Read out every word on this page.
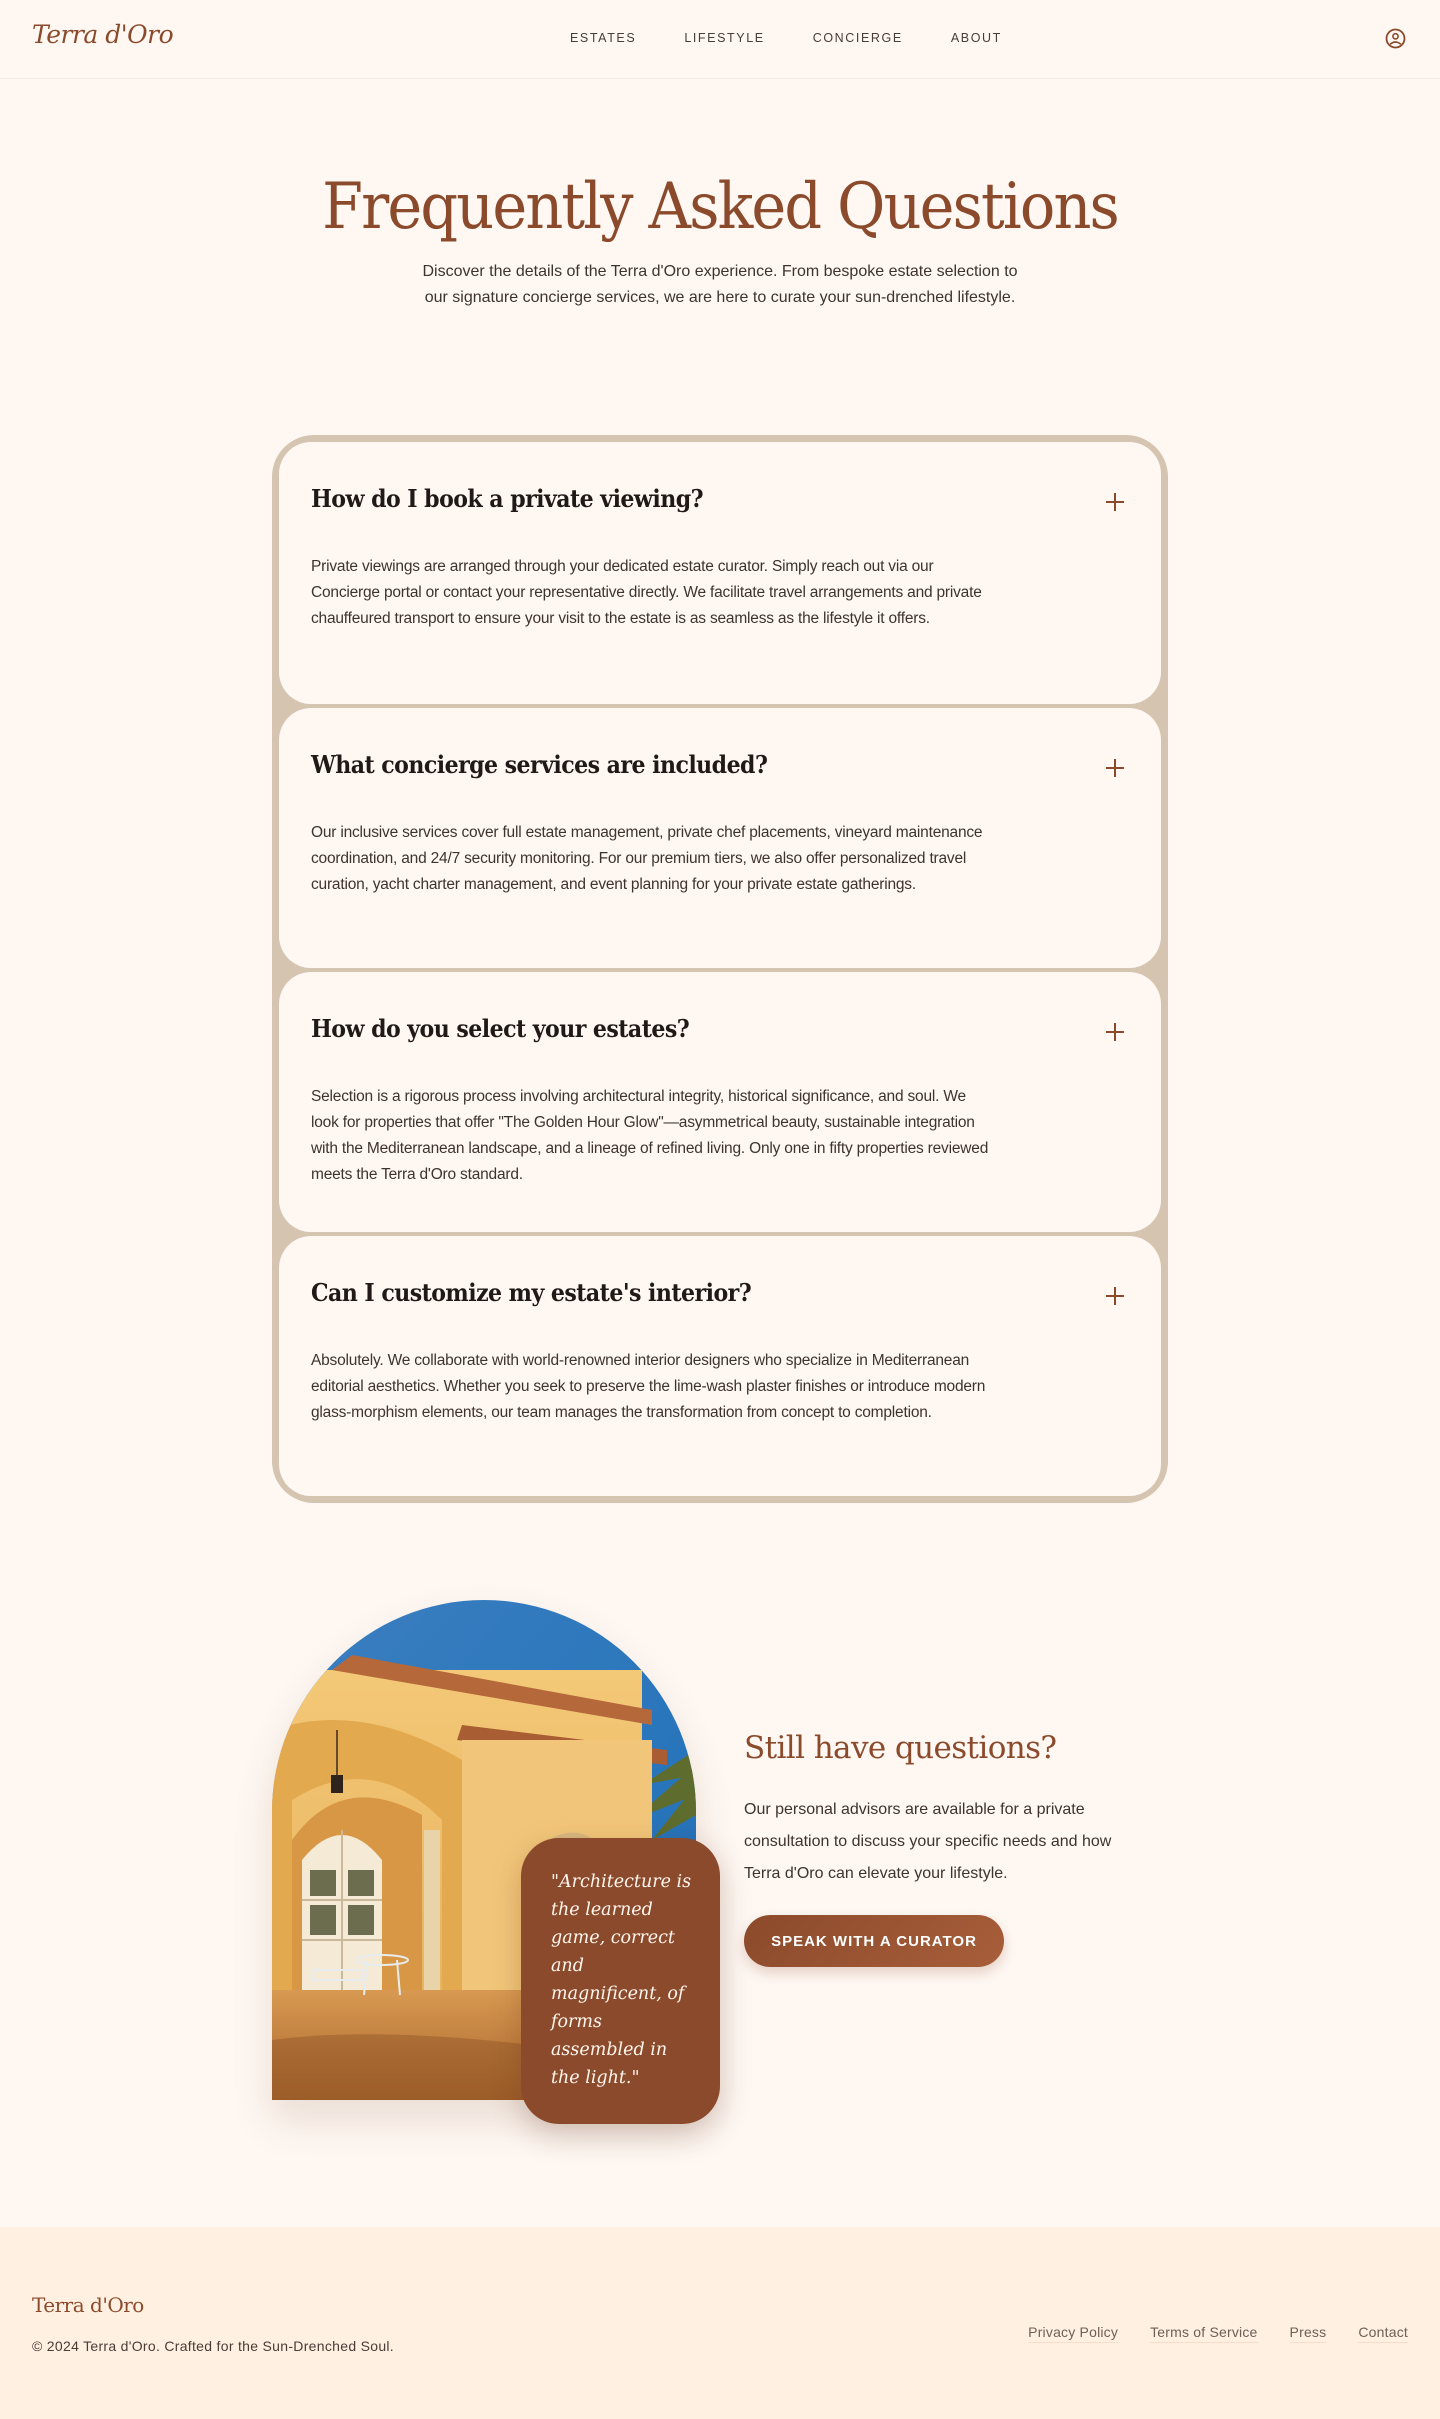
Terra d'Oro	ESTATES	LIFESTYLE	CONCIERGE	ABOUT
Frequently Asked Questions

Discover the details of the Terra d'Oro experience. From bespoke estate selection to our signature concierge services, we are here to curate your sun-drenched lifestyle.

How do I book a private viewing?

Private viewings are arranged through your dedicated estate curator. Simply reach out via our Concierge portal or contact your representative directly. We facilitate travel arrangements and private chauffeured transport to ensure your visit to the estate is as seamless as the lifestyle it offers.

What concierge services are included?

Our inclusive services cover full estate management, private chef placements, vineyard maintenance coordination, and 24/7 security monitoring. For our premium tiers, we also offer personalized travel curation, yacht charter management, and event planning for your private estate gatherings.

How do you select your estates?

Selection is a rigorous process involving architectural integrity, historical significance, and soul. We look for properties that offer "The Golden Hour Glow"—asymmetrical beauty, sustainable integration with the Mediterranean landscape, and a lineage of refined living. Only one in fifty properties reviewed meets the Terra d'Oro standard.

Can I customize my estate's interior?

Absolutely. We collaborate with world-renowned interior designers who specialize in Mediterranean editorial aesthetics. Whether you seek to preserve the lime-wash plaster finishes or introduce modern glass-morphism elements, our team manages the transformation from concept to completion.

"Architecture is the learned game, correct and magnificent, of forms assembled in the light."

Still have questions?

Our personal advisors are available for a private consultation to discuss your specific needs and how Terra d'Oro can elevate your lifestyle.

SPEAK WITH A CURATOR
Terra d'Oro
© 2024 Terra d'Oro. Crafted for the Sun-Drenched Soul.
Privacy Policy Terms of Service Press Contact
